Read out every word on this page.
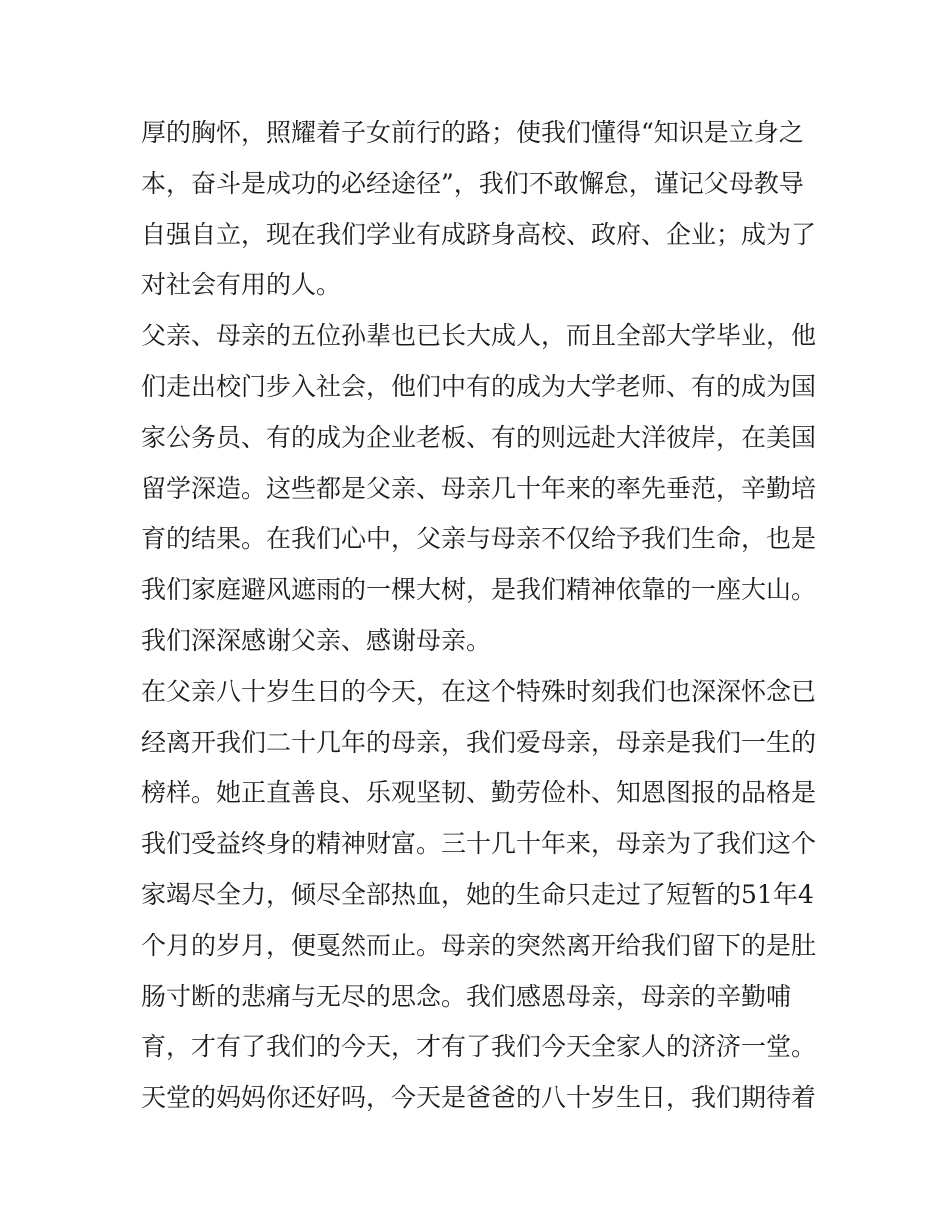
厚的胸怀，照耀着子女前行的路；使我们懂得“知识是立身之
本，奋斗是成功的必经途径”，我们不敢懈怠，谨记父母教导
自强自立，现在我们学业有成跻身高校、政府、企业；成为了
对社会有用的人。
父亲、母亲的五位孙辈也已长大成人，而且全部大学毕业，他
们走出校门步入社会，他们中有的成为大学老师、有的成为国
家公务员、有的成为企业老板、有的则远赴大洋彼岸，在美国
留学深造。这些都是父亲、母亲几十年来的率先垂范，辛勤培
育的结果。在我们心中，父亲与母亲不仅给予我们生命，也是
我们家庭避风遮雨的一棵大树，是我们精神依靠的一座大山。
我们深深感谢父亲、感谢母亲。
在父亲八十岁生日的今天，在这个特殊时刻我们也深深怀念已
经离开我们二十几年的母亲，我们爱母亲，母亲是我们一生的
榜样。她正直善良、乐观坚韧、勤劳俭朴、知恩图报的品格是
我们受益终身的精神财富。三十几十年来，母亲为了我们这个
家竭尽全力，倾尽全部热血，她的生命只走过了短暂的51年4
个月的岁月，便戛然而止。母亲的突然离开给我们留下的是肚
肠寸断的悲痛与无尽的思念。我们感恩母亲，母亲的辛勤哺
育，才有了我们的今天，才有了我们今天全家人的济济一堂。
天堂的妈妈你还好吗，今天是爸爸的八十岁生日，我们期待着
